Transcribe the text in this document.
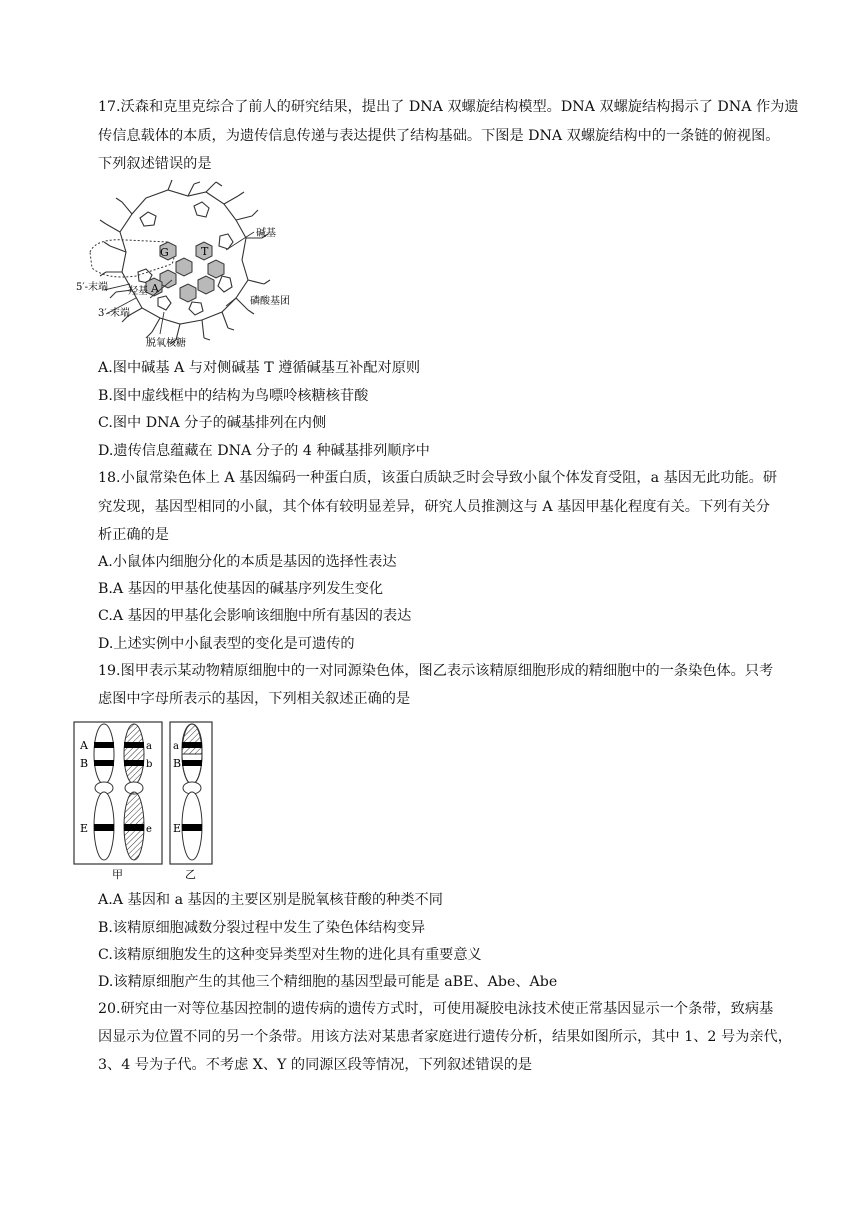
17.沃森和克里克综合了前人的研究结果，提出了 DNA 双螺旋结构模型。DNA 双螺旋结构揭示了 DNA 作为遗
传信息载体的本质，为遗传信息传递与表达提供了结构基础。下图是 DNA 双螺旋结构中的一条链的俯视图。
下列叙述错误的是
G	T
A
碱基
5′-末端 羟基
3′-末端
磷酸基团
脱氧核糖
A.图中碱基 A 与对侧碱基 T 遵循碱基互补配对原则
B.图中虚线框中的结构为鸟嘌呤核糖核苷酸
C.图中 DNA 分子的碱基排列在内侧
D.遗传信息蕴藏在 DNA 分子的 4 种碱基排列顺序中
18.小鼠常染色体上 A 基因编码一种蛋白质，该蛋白质缺乏时会导致小鼠个体发育受阻，a 基因无此功能。研
究发现，基因型相同的小鼠，其个体有较明显差异，研究人员推测这与 A 基因甲基化程度有关。下列有关分
析正确的是
A.小鼠体内细胞分化的本质是基因的选择性表达
B.A 基因的甲基化使基因的碱基序列发生变化
C.A 基因的甲基化会影响该细胞中所有基因的表达
D.上述实例中小鼠表型的变化是可遗传的
19.图甲表示某动物精原细胞中的一对同源染色体，图乙表示该精原细胞形成的精细胞中的一条染色体。只考
虑图中字母所表示的基因，下列相关叙述正确的是
A
B
E
a
b
e
a
B
E
甲	乙
A.A 基因和 a 基因的主要区别是脱氧核苷酸的种类不同
B.该精原细胞减数分裂过程中发生了染色体结构变异
C.该精原细胞发生的这种变异类型对生物的进化具有重要意义
D.该精原细胞产生的其他三个精细胞的基因型最可能是 aBE、Abe、Abe
20.研究由一对等位基因控制的遗传病的遗传方式时，可使用凝胶电泳技术使正常基因显示一个条带，致病基
因显示为位置不同的另一个条带。用该方法对某患者家庭进行遗传分析，结果如图所示，其中 1、2 号为亲代，
3、4 号为子代。不考虑 X、Y 的同源区段等情况，下列叙述错误的是
